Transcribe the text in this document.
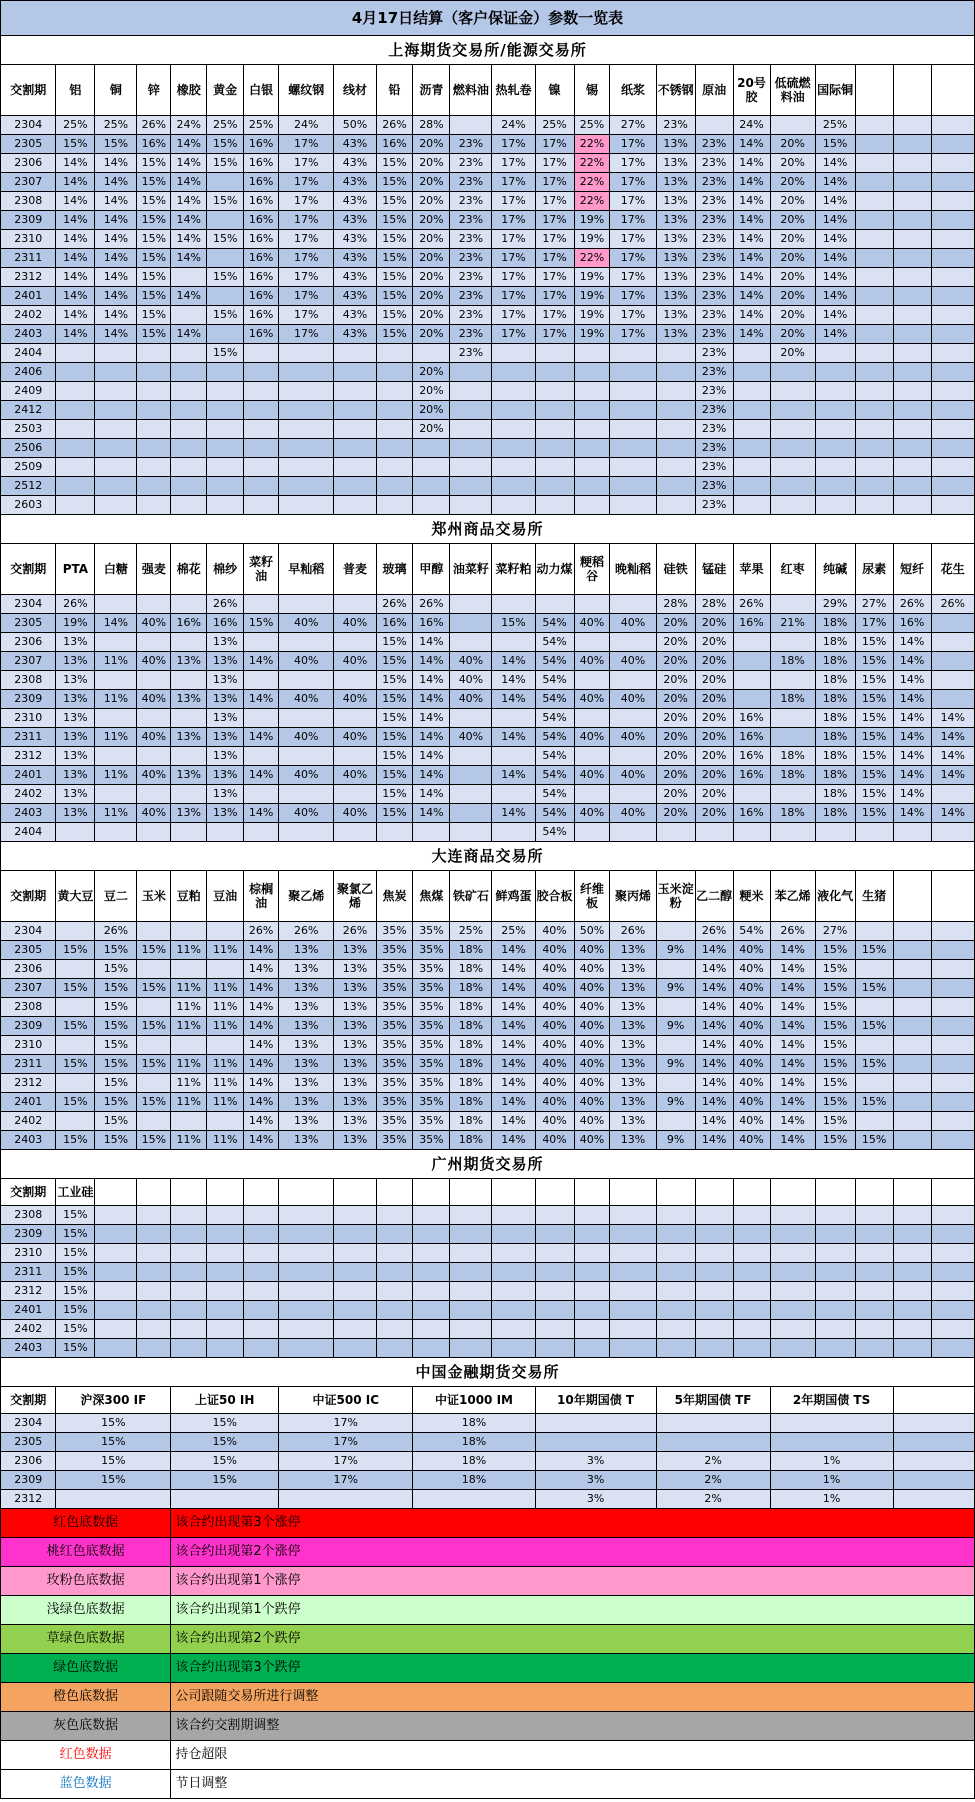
4月17日结算（客户保证金）参数一览表																							
上海期货交易所/能源交易所																							
交割期	铝	铜	锌	橡胶	黄金	白银	螺纹钢	线材	铅	沥青	燃料油	热轧卷	镍	锡	纸浆	不锈钢	原油	20号胶	低硫燃料油	国际铜			
2304	25%	25%	26%	24%	25%	25%	24%	50%	26%	28%		24%	25%	25%	27%	23%		24%		25%			
2305	15%	15%	16%	14%	15%	16%	17%	43%	16%	20%	23%	17%	17%	22%	17%	13%	23%	14%	20%	15%			
2306	14%	14%	15%	14%	15%	16%	17%	43%	15%	20%	23%	17%	17%	22%	17%	13%	23%	14%	20%	14%			
2307	14%	14%	15%	14%		16%	17%	43%	15%	20%	23%	17%	17%	22%	17%	13%	23%	14%	20%	14%			
2308	14%	14%	15%	14%	15%	16%	17%	43%	15%	20%	23%	17%	17%	22%	17%	13%	23%	14%	20%	14%			
2309	14%	14%	15%	14%		16%	17%	43%	15%	20%	23%	17%	17%	19%	17%	13%	23%	14%	20%	14%			
2310	14%	14%	15%	14%	15%	16%	17%	43%	15%	20%	23%	17%	17%	19%	17%	13%	23%	14%	20%	14%			
2311	14%	14%	15%	14%		16%	17%	43%	15%	20%	23%	17%	17%	22%	17%	13%	23%	14%	20%	14%			
2312	14%	14%	15%		15%	16%	17%	43%	15%	20%	23%	17%	17%	19%	17%	13%	23%	14%	20%	14%			
2401	14%	14%	15%	14%		16%	17%	43%	15%	20%	23%	17%	17%	19%	17%	13%	23%	14%	20%	14%			
2402	14%	14%	15%		15%	16%	17%	43%	15%	20%	23%	17%	17%	19%	17%	13%	23%	14%	20%	14%			
2403	14%	14%	15%	14%		16%	17%	43%	15%	20%	23%	17%	17%	19%	17%	13%	23%	14%	20%	14%			
2404					15%						23%						23%		20%				
2406										20%							23%						
2409										20%							23%						
2412										20%							23%						
2503										20%							23%						
2506																	23%						
2509																	23%						
2512																	23%						
2603																	23%						
郑州商品交易所																							
交割期	PTA	白糖	强麦	棉花	棉纱	菜籽油	早籼稻	普麦	玻璃	甲醇	油菜籽	菜籽粕	动力煤	粳稻谷	晚籼稻	硅铁	锰硅	苹果	红枣	纯碱	尿素	短纤	花生
2304	26%				26%				26%	26%						28%	28%	26%		29%	27%	26%	26%
2305	19%	14%	40%	16%	16%	15%	40%	40%	16%	16%		15%	54%	40%	40%	20%	20%	16%	21%	18%	17%	16%	
2306	13%				13%				15%	14%			54%			20%	20%			18%	15%	14%	
2307	13%	11%	40%	13%	13%	14%	40%	40%	15%	14%	40%	14%	54%	40%	40%	20%	20%		18%	18%	15%	14%	
2308	13%				13%				15%	14%	40%	14%	54%			20%	20%			18%	15%	14%	
2309	13%	11%	40%	13%	13%	14%	40%	40%	15%	14%	40%	14%	54%	40%	40%	20%	20%		18%	18%	15%	14%	
2310	13%				13%				15%	14%			54%			20%	20%	16%		18%	15%	14%	14%
2311	13%	11%	40%	13%	13%	14%	40%	40%	15%	14%	40%	14%	54%	40%	40%	20%	20%	16%		18%	15%	14%	14%
2312	13%				13%				15%	14%			54%			20%	20%	16%	18%	18%	15%	14%	14%
2401	13%	11%	40%	13%	13%	14%	40%	40%	15%	14%		14%	54%	40%	40%	20%	20%	16%	18%	18%	15%	14%	14%
2402	13%				13%				15%	14%			54%			20%	20%			18%	15%	14%	
2403	13%	11%	40%	13%	13%	14%	40%	40%	15%	14%		14%	54%	40%	40%	20%	20%	16%	18%	18%	15%	14%	14%
2404													54%										
大连商品交易所																							
交割期	黄大豆	豆二	玉米	豆粕	豆油	棕榈油	聚乙烯	聚氯乙烯	焦炭	焦煤	铁矿石	鲜鸡蛋	胶合板	纤维板	聚丙烯	玉米淀粉	乙二醇	粳米	苯乙烯	液化气	生猪		
2304		26%				26%	26%	26%	35%	35%	25%	25%	40%	50%	26%		26%	54%	26%	27%			
2305	15%	15%	15%	11%	11%	14%	13%	13%	35%	35%	18%	14%	40%	40%	13%	9%	14%	40%	14%	15%	15%		
2306		15%				14%	13%	13%	35%	35%	18%	14%	40%	40%	13%		14%	40%	14%	15%			
2307	15%	15%	15%	11%	11%	14%	13%	13%	35%	35%	18%	14%	40%	40%	13%	9%	14%	40%	14%	15%	15%		
2308		15%		11%	11%	14%	13%	13%	35%	35%	18%	14%	40%	40%	13%		14%	40%	14%	15%			
2309	15%	15%	15%	11%	11%	14%	13%	13%	35%	35%	18%	14%	40%	40%	13%	9%	14%	40%	14%	15%	15%		
2310		15%				14%	13%	13%	35%	35%	18%	14%	40%	40%	13%		14%	40%	14%	15%			
2311	15%	15%	15%	11%	11%	14%	13%	13%	35%	35%	18%	14%	40%	40%	13%	9%	14%	40%	14%	15%	15%		
2312		15%		11%	11%	14%	13%	13%	35%	35%	18%	14%	40%	40%	13%		14%	40%	14%	15%			
2401	15%	15%	15%	11%	11%	14%	13%	13%	35%	35%	18%	14%	40%	40%	13%	9%	14%	40%	14%	15%	15%		
2402		15%				14%	13%	13%	35%	35%	18%	14%	40%	40%	13%		14%	40%	14%	15%			
2403	15%	15%	15%	11%	11%	14%	13%	13%	35%	35%	18%	14%	40%	40%	13%	9%	14%	40%	14%	15%	15%		
广州期货交易所																							
交割期	工业硅																						
2308	15%																						
2309	15%																						
2310	15%																						
2311	15%																						
2312	15%																						
2401	15%																						
2402	15%																						
2403	15%																						
中国金融期货交易所																							
交割期	沪深300 IF			上证50 IH			中证500 IC			中证1000 IM			10年期国债 T			5年期国债 TF			2年期国债 TS				
2304	15%			15%			17%			18%													
2305	15%			15%			17%			18%													
2306	15%			15%			17%			18%			3%			2%			1%				
2309	15%			15%			17%			18%			3%			2%			1%				
2312													3%			2%			1%				
红色底数据				该合约出现第3个涨停																			
桃红色底数据				该合约出现第2个涨停																			
玫粉色底数据				该合约出现第1个涨停																			
浅绿色底数据				该合约出现第1个跌停																			
草绿色底数据				该合约出现第2个跌停																			
绿色底数据				该合约出现第3个跌停																			
橙色底数据				公司跟随交易所进行调整																			
灰色底数据				该合约交割期调整																			
红色数据				持仓超限																			
蓝色数据				节日调整																			
